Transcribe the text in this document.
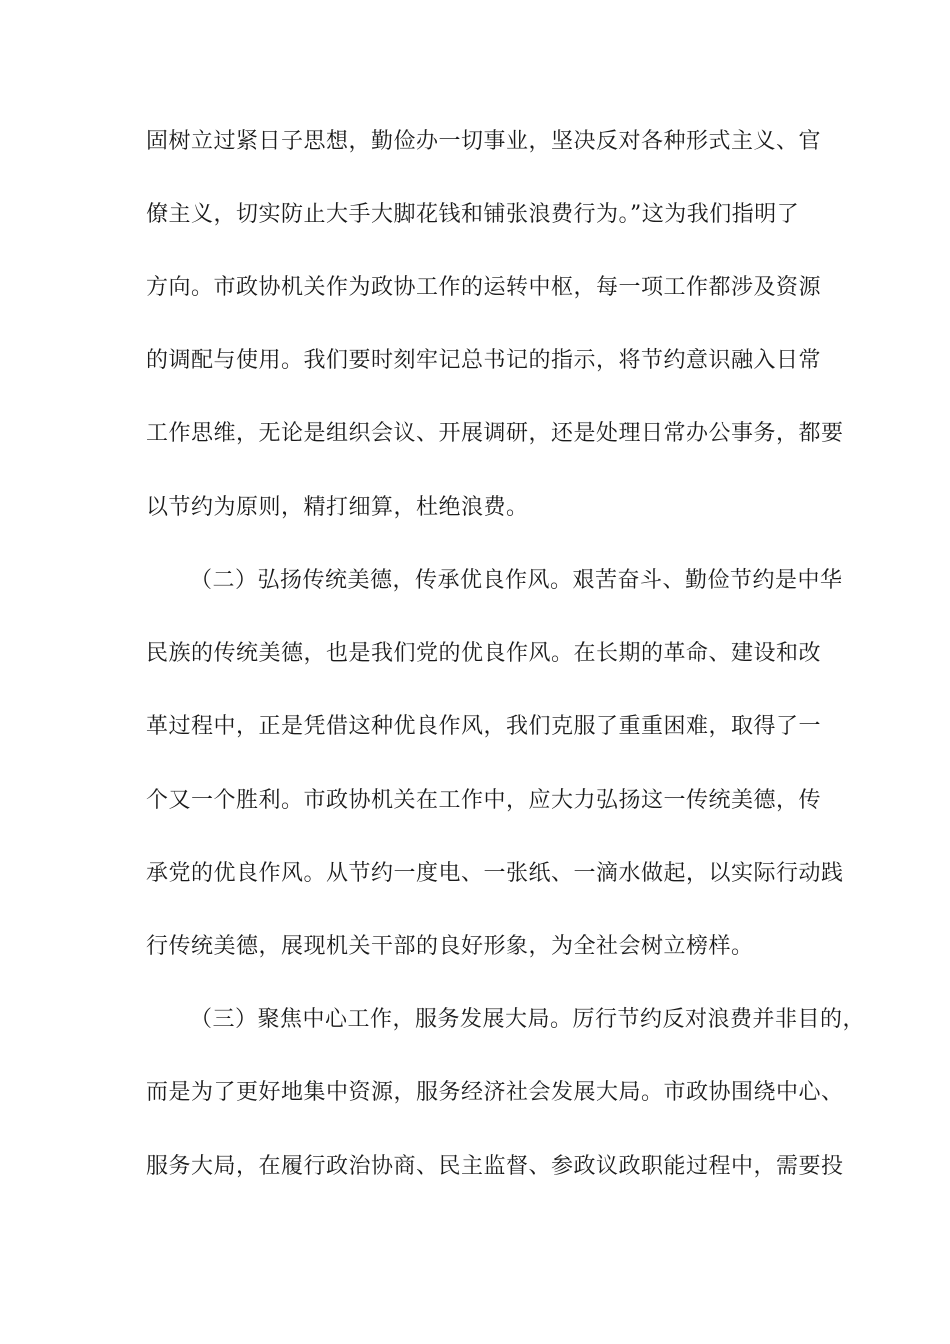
固树立过紧日子思想，勤俭办一切事业，坚决反对各种形式主义、官

僚主义，切实防止大手大脚花钱和铺张浪费行为。”这为我们指明了

方向。市政协机关作为政协工作的运转中枢，每一项工作都涉及资源

的调配与使用。我们要时刻牢记总书记的指示，将节约意识融入日常

工作思维，无论是组织会议、开展调研，还是处理日常办公事务，都要

以节约为原则，精打细算，杜绝浪费。

（二）弘扬传统美德，传承优良作风。艰苦奋斗、勤俭节约是中华

民族的传统美德，也是我们党的优良作风。在长期的革命、建设和改

革过程中，正是凭借这种优良作风，我们克服了重重困难，取得了一

个又一个胜利。市政协机关在工作中，应大力弘扬这一传统美德，传

承党的优良作风。从节约一度电、一张纸、一滴水做起，以实际行动践

行传统美德，展现机关干部的良好形象，为全社会树立榜样。

（三）聚焦中心工作，服务发展大局。厉行节约反对浪费并非目的，

而是为了更好地集中资源，服务经济社会发展大局。市政协围绕中心、

服务大局，在履行政治协商、民主监督、参政议政职能过程中，需要投
